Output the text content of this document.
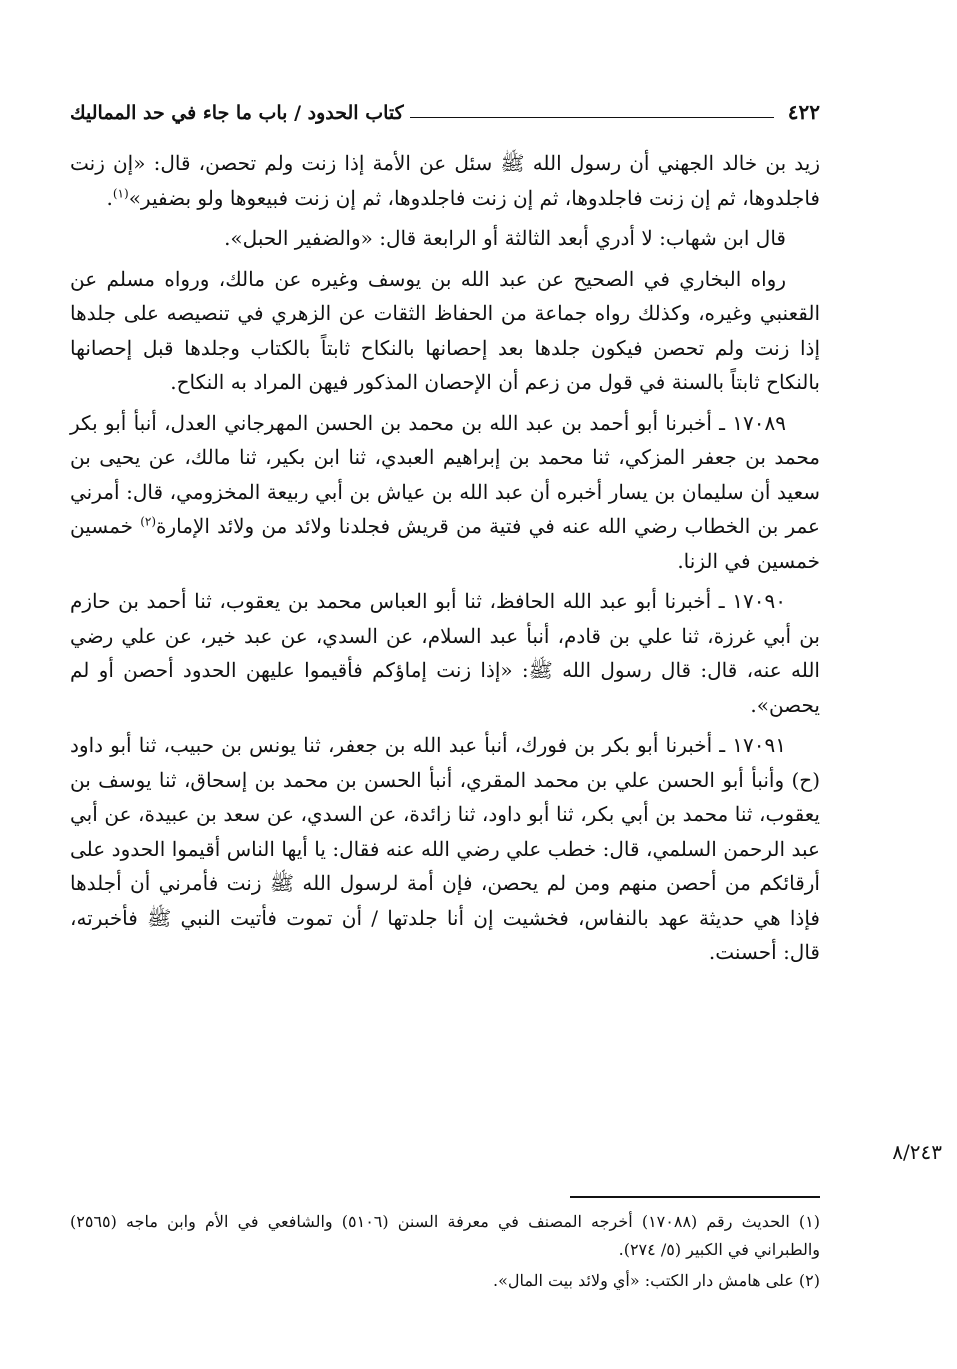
٤٢٢
كتاب الحدود / باب ما جاء في حد المماليك

زيد بن خالد الجهني أن رسول الله ﷺ سئل عن الأمة إذا زنت ولم تحصن، قال: «إن زنت فاجلدوها، ثم إن زنت فاجلدوها، ثم إن زنت فاجلدوها، ثم إن زنت فبيعوها ولو بضفير»$^{(١)}$.

قال ابن شهاب: لا أدري أبعد الثالثة أو الرابعة قال: «والضفير الحبل».

رواه البخاري في الصحيح عن عبد الله بن يوسف وغيره عن مالك، ورواه مسلم عن القعنبي وغيره، وكذلك رواه جماعة من الحفاظ الثقات عن الزهري في تنصيصه على جلدها إذا زنت ولم تحصن فيكون جلدها بعد إحصانها بالنكاح ثابتاً بالكتاب وجلدها قبل إحصانها بالنكاح ثابتاً بالسنة في قول من زعم أن الإحصان المذكور فيهن المراد به النكاح.

١٧٠٨٩ ـ أخبرنا أبو أحمد بن عبد الله بن محمد بن الحسن المهرجاني العدل، أنبأ أبو بكر محمد بن جعفر المزكي، ثنا محمد بن إبراهيم العبدي، ثنا ابن بكير، ثنا مالك، عن يحيى بن سعيد أن سليمان بن يسار أخبره أن عبد الله بن عياش بن أبي ربيعة المخزومي، قال: أمرني عمر بن الخطاب رضي الله عنه في فتية من قريش فجلدنا ولائد من ولائد الإمارة$^{(٢)}$ خمسين خمسين في الزنا.

١٧٠٩٠ ـ أخبرنا أبو عبد الله الحافظ، ثنا أبو العباس محمد بن يعقوب، ثنا أحمد بن حازم بن أبي غرزة، ثنا علي بن قادم، أنبأ عبد السلام، عن السدي، عن عبد خير، عن علي رضي الله عنه، قال: قال رسول الله ﷺ: «إذا زنت إماؤكم فأقيموا عليهن الحدود أحصن أو لم يحصن».

١٧٠٩١ ـ أخبرنا أبو بكر بن فورك، أنبأ عبد الله بن جعفر، ثنا يونس بن حبيب، ثنا أبو داود (ح) وأنبأ أبو الحسن علي بن محمد المقري، أنبأ الحسن بن محمد بن إسحاق، ثنا يوسف بن يعقوب، ثنا محمد بن أبي بكر، ثنا أبو داود، ثنا زائدة، عن السدي، عن سعد بن عبيدة، عن أبي عبد الرحمن السلمي، قال: خطب علي رضي الله عنه فقال: يا أيها الناس أقيموا الحدود على أرقائكم من أحصن منهم ومن لم يحصن، فإن أمة لرسول الله ﷺ زنت فأمرني أن أجلدها فإذا هي حديثة عهد بالنفاس، فخشيت إن أنا جلدتها / أن تموت فأتيت النبي ﷺ فأخبرته، قال: أحسنت.

٨/٢٤٣

(١) الحديث رقم (١٧٠٨٨) أخرجه المصنف في معرفة السنن (٥١٠٦) والشافعي في الأم وابن ماجه (٢٥٦٥) والطبراني في الكبير (٥/ ٢٧٤).

(٢) على هامش دار الكتب: «أي ولائد بيت المال».
